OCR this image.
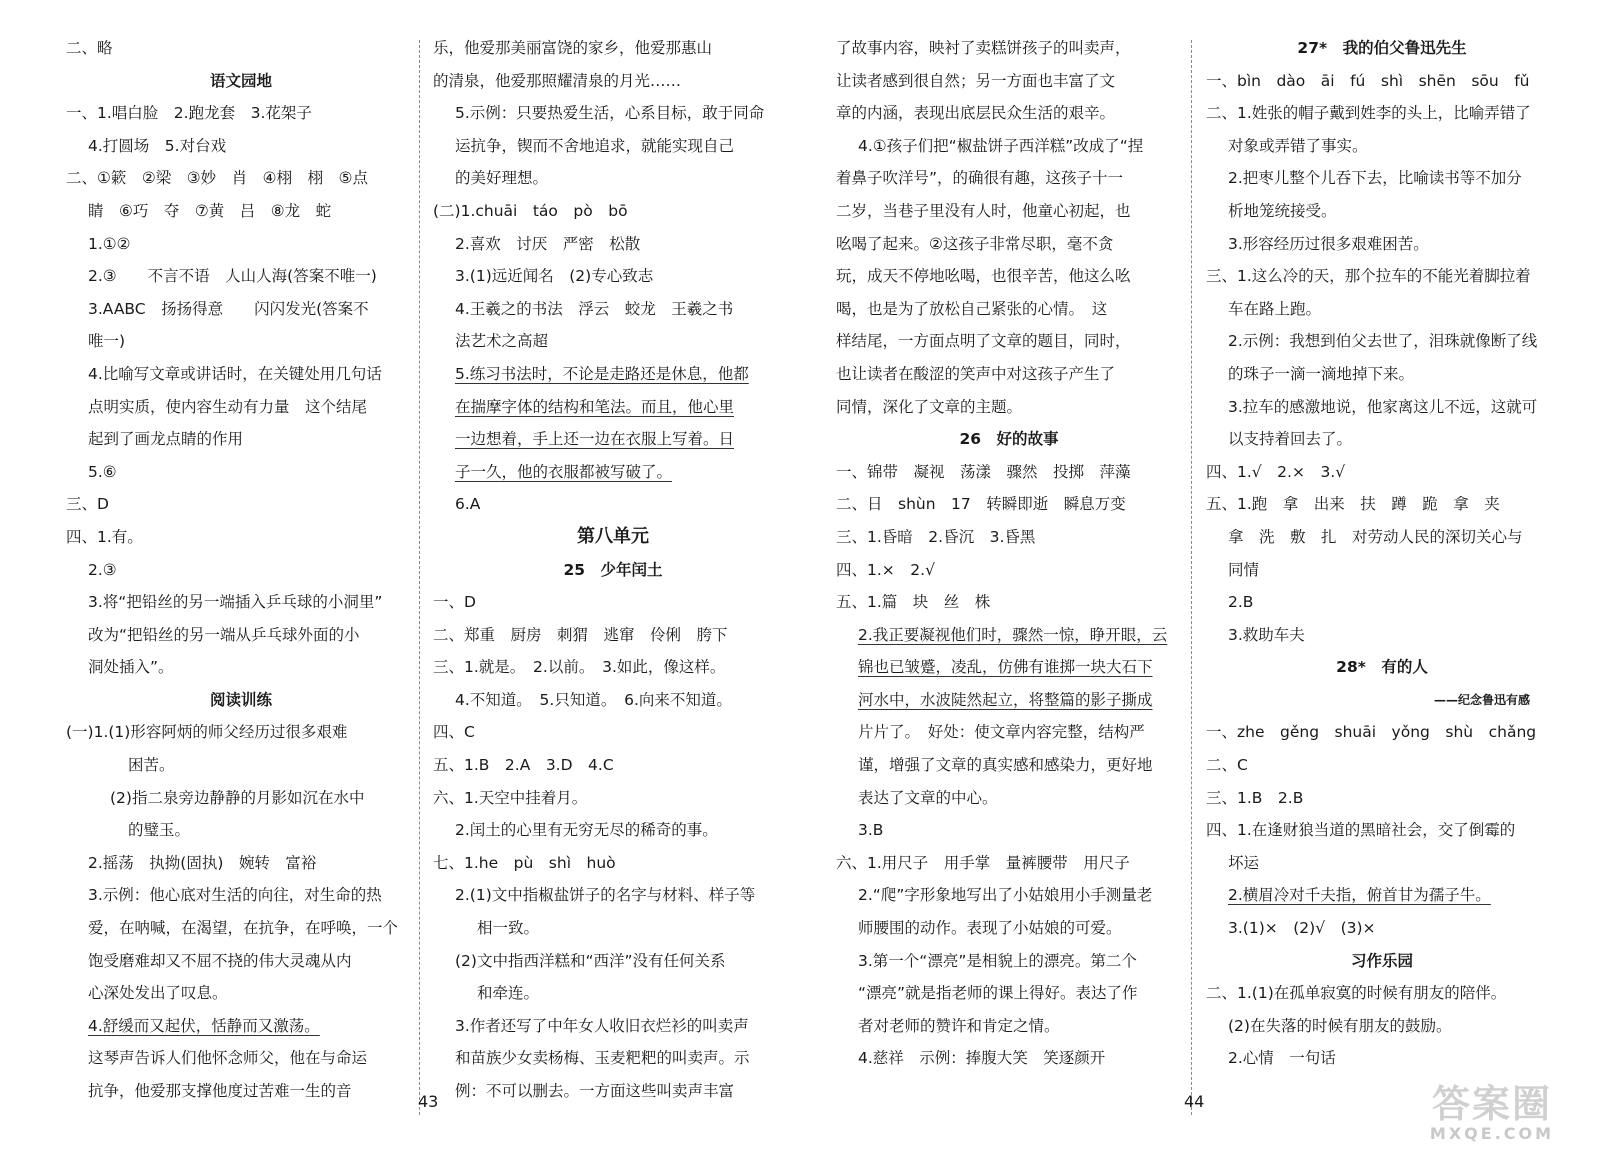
二、略
语文园地
一、1.唱白脸　2.跑龙套　3.花架子
4.打圆场　5.对台戏
二、①簌　②梁　③妙　肖　④栩　栩　⑤点
睛　⑥巧　夺　⑦黄　吕　⑧龙　蛇
1.①②
2.③　　不言不语　人山人海(答案不唯一)
3.AABC　扬扬得意　　闪闪发光(答案不
唯一)
4.比喻写文章或讲话时，在关键处用几句话
点明实质，使内容生动有力量　这个结尾
起到了画龙点睛的作用
5.⑥
三、D
四、1.有。
2.③
3.将“把铅丝的另一端插入乒乓球的小洞里”
改为“把铅丝的另一端从乒乓球外面的小
洞处插入”。
阅读训练
(一)1.(1)形容阿炳的师父经历过很多艰难
困苦。
(2)指二泉旁边静静的月影如沉在水中
的璧玉。
2.摇荡　执拗(固执)　婉转　富裕
3.示例：他心底对生活的向往，对生命的热
爱，在呐喊，在渴望，在抗争，在呼唤，一个
饱受磨难却又不屈不挠的伟大灵魂从内
心深处发出了叹息。
4.舒缓而又起伏，恬静而又激荡。
这琴声告诉人们他怀念师父，他在与命运
抗争，他爱那支撑他度过苦难一生的音
乐，他爱那美丽富饶的家乡，他爱那惠山
的清泉，他爱那照耀清泉的月光……
5.示例：只要热爱生活，心系目标，敢于同命
运抗争，锲而不舍地追求，就能实现自己
的美好理想。
(二)1.chuāi　táo　pò　bō
2.喜欢　讨厌　严密　松散
3.(1)远近闻名　(2)专心致志
4.王羲之的书法　浮云　蛟龙　王羲之书
法艺术之高超
5.练习书法时，不论是走路还是休息，他都
在揣摩字体的结构和笔法。而且，他心里
一边想着，手上还一边在衣服上写着。日
子一久，他的衣服都被写破了。
6.A
第八单元
25　少年闰土
一、D
二、郑重　厨房　刺猬　逃窜　伶俐　胯下
三、1.就是。　2.以前。　3.如此，像这样。
4.不知道。　5.只知道。　6.向来不知道。
四、C
五、1.B　2.A　3.D　4.C
六、1.天空中挂着月。
2.闰土的心里有无穷无尽的稀奇的事。
七、1.he　pù　shì　huò
2.(1)文中指椒盐饼子的名字与材料、样子等
相一致。
(2)文中指西洋糕和“西洋”没有任何关系
和牵连。
3.作者还写了中年女人收旧衣烂衫的叫卖声
和苗族少女卖杨梅、玉麦粑粑的叫卖声。示
例：不可以删去。一方面这些叫卖声丰富
了故事内容，映衬了卖糕饼孩子的叫卖声，
让读者感到很自然；另一方面也丰富了文
章的内涵，表现出底层民众生活的艰辛。
4.①孩子们把“椒盐饼子西洋糕”改成了“捏
着鼻子吹洋号”，的确很有趣，这孩子十一
二岁，当巷子里没有人时，他童心初起，也
吆喝了起来。②这孩子非常尽职，毫不贪
玩，成天不停地吆喝，也很辛苦，他这么吆
喝，也是为了放松自己紧张的心情。　这
样结尾，一方面点明了文章的题目，同时，
也让读者在酸涩的笑声中对这孩子产生了
同情，深化了文章的主题。
26　好的故事
一、锦带　凝视　荡漾　骤然　投掷　萍藻
二、日　shùn　17　转瞬即逝　瞬息万变
三、1.昏暗　2.昏沉　3.昏黑
四、1.×　2.√
五、1.篇　块　丝　株
2.我正要凝视他们时，骤然一惊，睁开眼，云
锦也已皱蹙，凌乱，仿佛有谁掷一块大石下
河水中，水波陡然起立，将整篇的影子撕成
片片了。　好处：使文章内容完整，结构严
谨，增强了文章的真实感和感染力，更好地
表达了文章的中心。
3.B
六、1.用尺子　用手掌　量裤腰带　用尺子
2.“爬”字形象地写出了小姑娘用小手测量老
师腰围的动作。表现了小姑娘的可爱。
3.第一个“漂亮”是相貌上的漂亮。第二个
“漂亮”就是指老师的课上得好。表达了作
者对老师的赞许和肯定之情。
4.慈祥　示例：捧腹大笑　笑逐颜开
27*　我的伯父鲁迅先生
一、bìn　dào　āi　fú　shì　shēn　sōu　fǔ
二、1.姓张的帽子戴到姓李的头上，比喻弄错了
对象或弄错了事实。
2.把枣儿整个儿吞下去，比喻读书等不加分
析地笼统接受。
3.形容经历过很多艰难困苦。
三、1.这么冷的天，那个拉车的不能光着脚拉着
车在路上跑。
2.示例：我想到伯父去世了，泪珠就像断了线
的珠子一滴一滴地掉下来。
3.拉车的感激地说，他家离这儿不远，这就可
以支持着回去了。
四、1.√　2.×　3.√
五、1.跑　拿　出来　扶　蹲　跪　拿　夹
拿　洗　敷　扎　对劳动人民的深切关心与
同情
2.B
3.救助车夫
28*　有的人
——纪念鲁迅有感
一、zhe　gěng　shuāi　yǒng　shù　chǎng
二、C
三、1.B　2.B
四、1.在逢财狼当道的黑暗社会，交了倒霉的
坏运
2.横眉冷对千夫指，俯首甘为孺子牛。
3.(1)×　(2)√　(3)×
习作乐园
二、1.(1)在孤单寂寞的时候有朋友的陪伴。
(2)在失落的时候有朋友的鼓励。
2.心情　一句话
43	44	答案圈
MXQE.COM
